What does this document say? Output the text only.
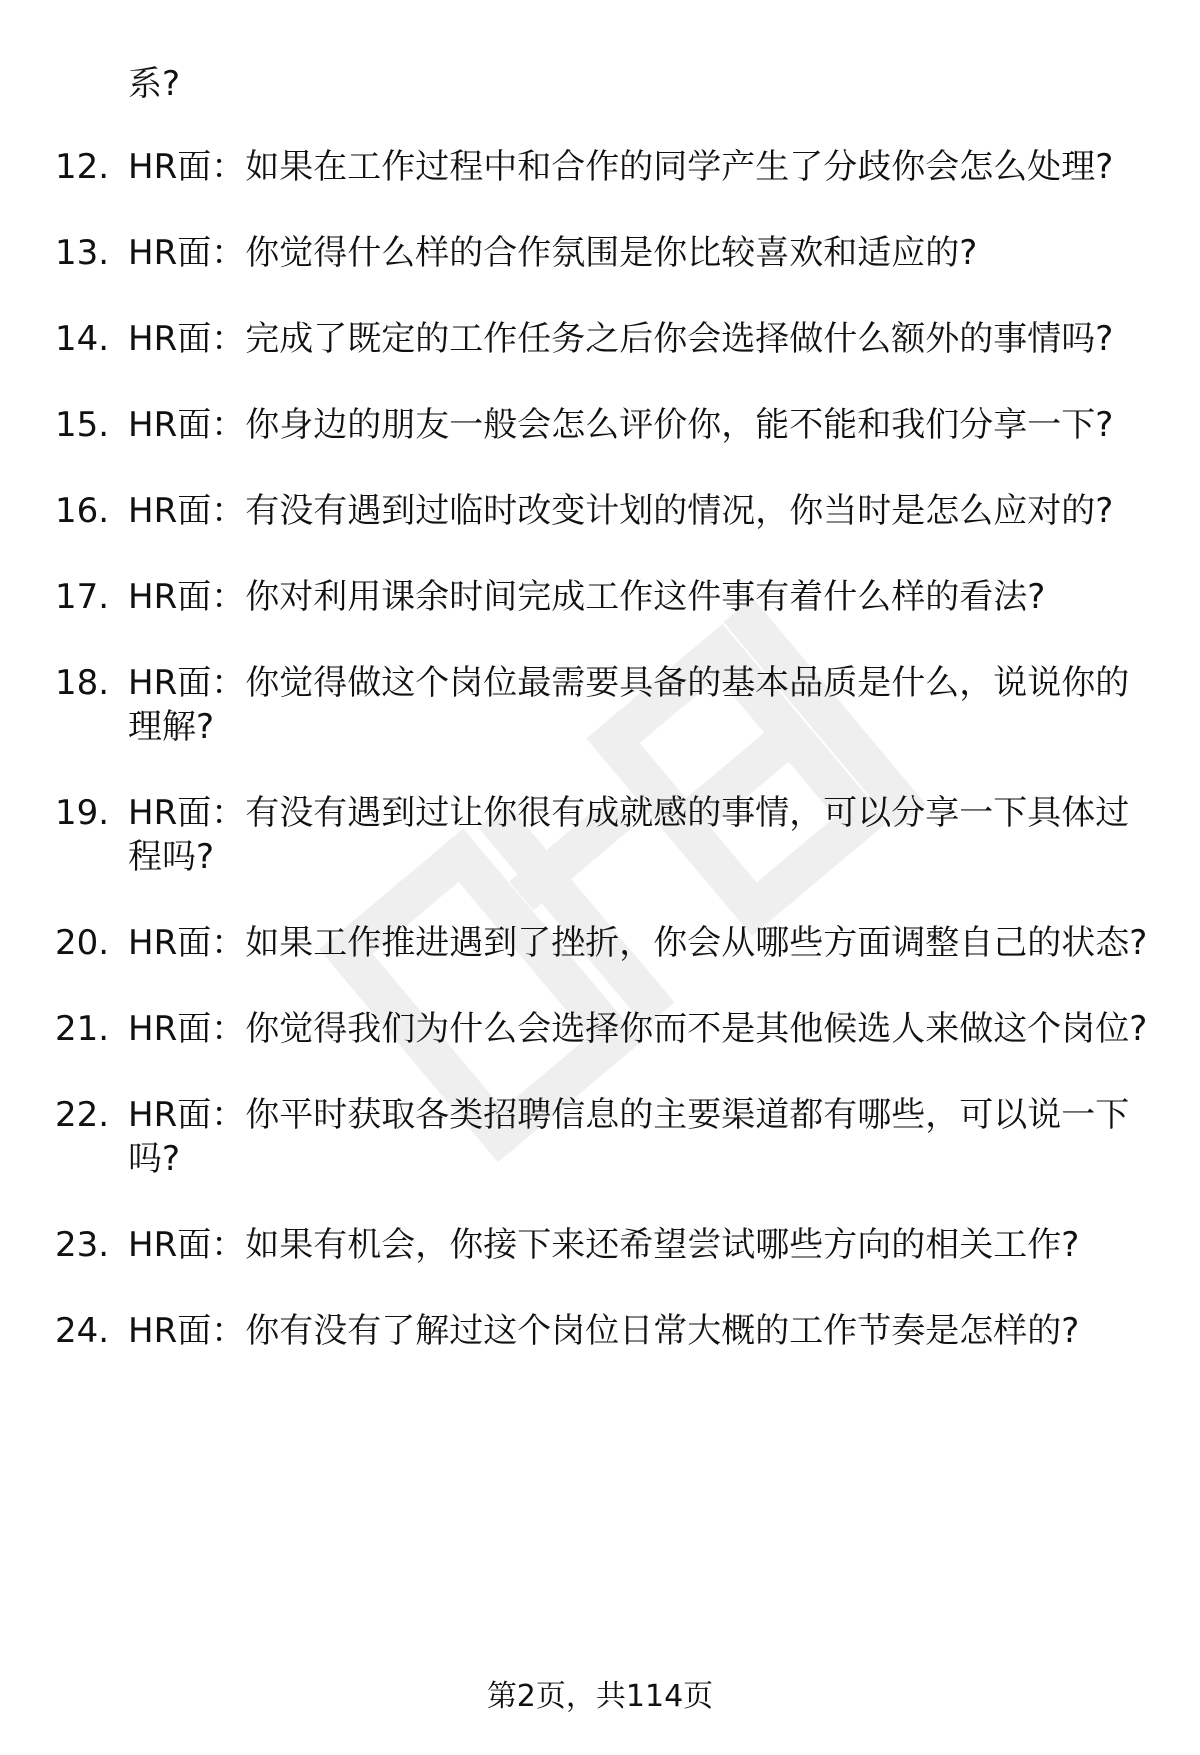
系?

12. HR面：如果在工作过程中和合作的同学产生了分歧你会怎么处理?
13. HR面：你觉得什么样的合作氛围是你比较喜欢和适应的?
14. HR面：完成了既定的工作任务之后你会选择做什么额外的事情吗?
15. HR面：你身边的朋友一般会怎么评价你，能不能和我们分享一下?
16. HR面：有没有遇到过临时改变计划的情况，你当时是怎么应对的?
17. HR面：你对利用课余时间完成工作这件事有着什么样的看法?
18. HR面：你觉得做这个岗位最需要具备的基本品质是什么，说说你的理解?
19. HR面：有没有遇到过让你很有成就感的事情，可以分享一下具体过程吗?
20. HR面：如果工作推进遇到了挫折，你会从哪些方面调整自己的状态?
21. HR面：你觉得我们为什么会选择你而不是其他候选人来做这个岗位?
22. HR面：你平时获取各类招聘信息的主要渠道都有哪些，可以说一下吗?
23. HR面：如果有机会，你接下来还希望尝试哪些方向的相关工作?
24. HR面：你有没有了解过这个岗位日常大概的工作节奏是怎样的?
第2页，共114页
